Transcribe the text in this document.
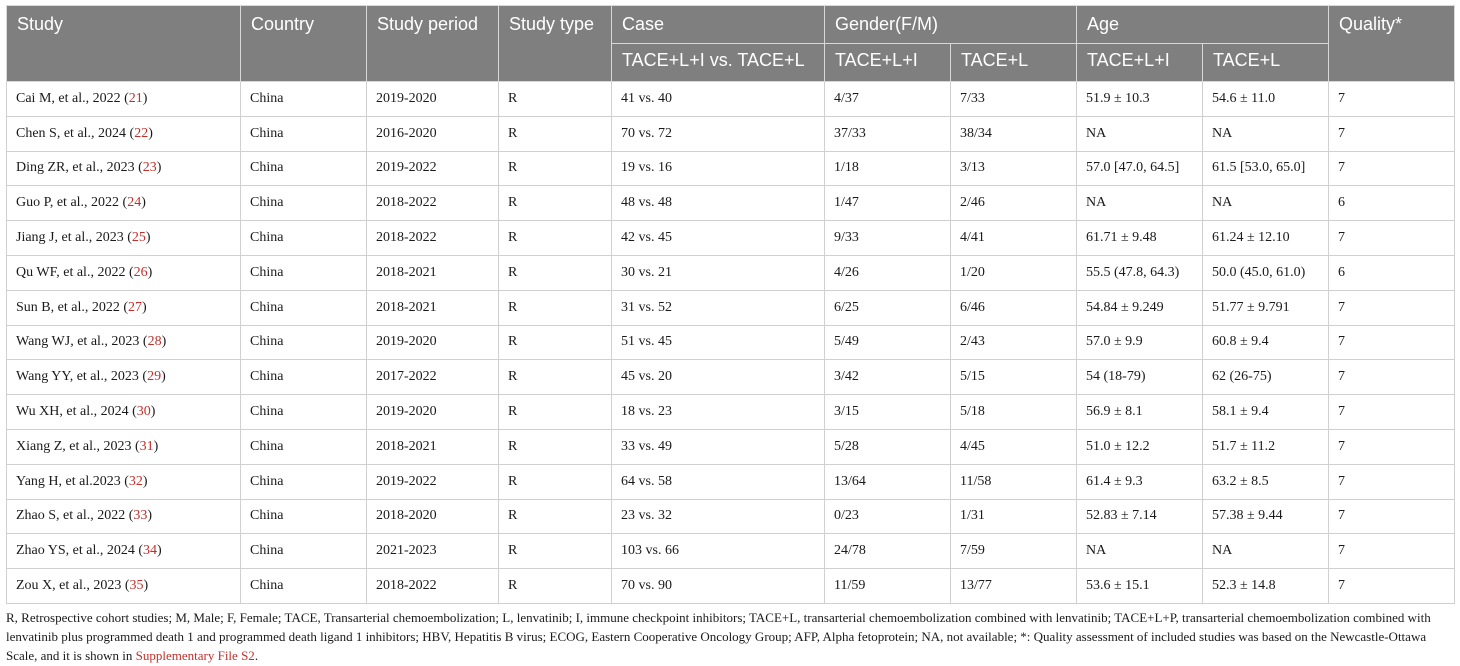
Study	Country	Study period	Study type	Case	Gender(F/M)		Age		Quality*
				TACE+L+I vs. TACE+L	TACE+L+I	TACE+L	TACE+L+I	TACE+L	
Cai M, et al., 2022 (21)	China	2019-2020	R	41 vs. 40	4/37	7/33	51.9 ± 10.3	54.6 ± 11.0	7
Chen S, et al., 2024 (22)	China	2016-2020	R	70 vs. 72	37/33	38/34	NA	NA	7
Ding ZR, et al., 2023 (23)	China	2019-2022	R	19 vs. 16	1/18	3/13	57.0 [47.0, 64.5]	61.5 [53.0, 65.0]	7
Guo P, et al., 2022 (24)	China	2018-2022	R	48 vs. 48	1/47	2/46	NA	NA	6
Jiang J, et al., 2023 (25)	China	2018-2022	R	42 vs. 45	9/33	4/41	61.71 ± 9.48	61.24 ± 12.10	7
Qu WF, et al., 2022 (26)	China	2018-2021	R	30 vs. 21	4/26	1/20	55.5 (47.8, 64.3)	50.0 (45.0, 61.0)	6
Sun B, et al., 2022 (27)	China	2018-2021	R	31 vs. 52	6/25	6/46	54.84 ± 9.249	51.77 ± 9.791	7
Wang WJ, et al., 2023 (28)	China	2019-2020	R	51 vs. 45	5/49	2/43	57.0 ± 9.9	60.8 ± 9.4	7
Wang YY, et al., 2023 (29)	China	2017-2022	R	45 vs. 20	3/42	5/15	54 (18-79)	62 (26-75)	7
Wu XH, et al., 2024 (30)	China	2019-2020	R	18 vs. 23	3/15	5/18	56.9 ± 8.1	58.1 ± 9.4	7
Xiang Z, et al., 2023 (31)	China	2018-2021	R	33 vs. 49	5/28	4/45	51.0 ± 12.2	51.7 ± 11.2	7
Yang H, et al.2023 (32)	China	2019-2022	R	64 vs. 58	13/64	11/58	61.4 ± 9.3	63.2 ± 8.5	7
Zhao S, et al., 2022 (33)	China	2018-2020	R	23 vs. 32	0/23	1/31	52.83 ± 7.14	57.38 ± 9.44	7
Zhao YS, et al., 2024 (34)	China	2021-2023	R	103 vs. 66	24/78	7/59	NA	NA	7
Zou X, et al., 2023 (35)	China	2018-2022	R	70 vs. 90	11/59	13/77	53.6 ± 15.1	52.3 ± 14.8	7
R, Retrospective cohort studies; M, Male; F, Female; TACE, Transarterial chemoembolization; L, lenvatinib; I, immune checkpoint inhibitors; TACE+L, transarterial chemoembolization combined with lenvatinib; TACE+L+P, transarterial chemoembolization combined with lenvatinib plus programmed death 1 and programmed death ligand 1 inhibitors; HBV, Hepatitis B virus; ECOG, Eastern Cooperative Oncology Group; AFP, Alpha fetoprotein; NA, not available; *: Quality assessment of included studies was based on the Newcastle-Ottawa Scale, and it is shown in Supplementary File S2.
